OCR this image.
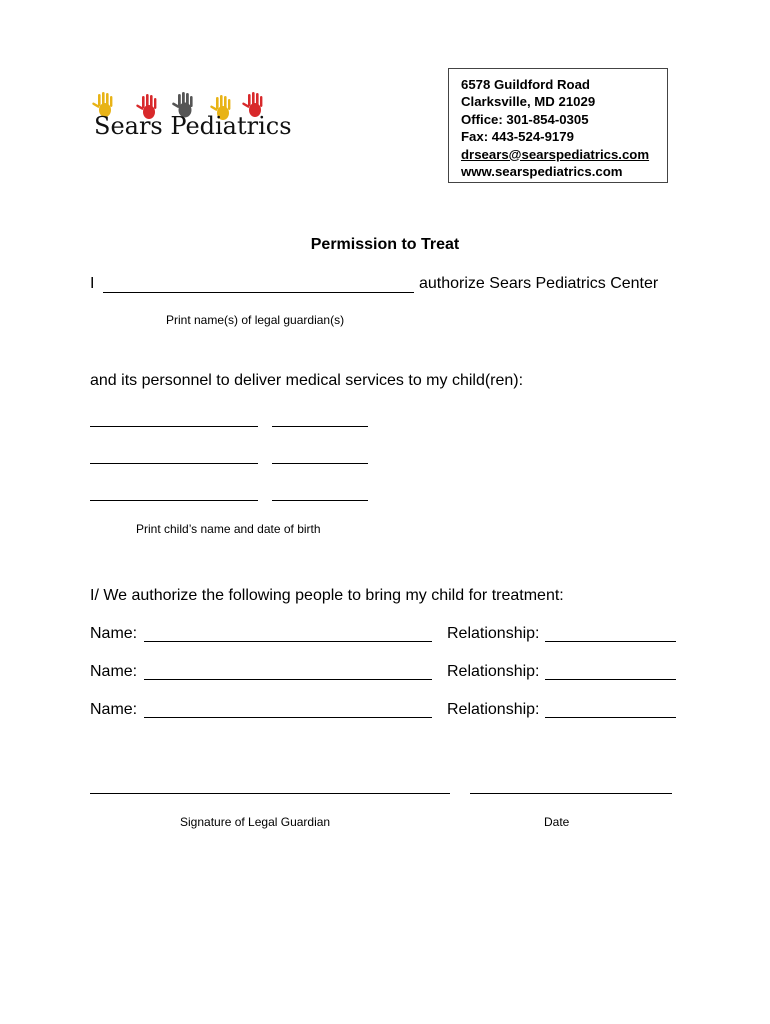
Sears Pediatrics
6578 Guildford Road
Clarksville, MD 21029
Office: 301-854-0305
Fax: 443-524-9179
drsears@searspediatrics.com
www.searspediatrics.com
Permission to Treat
I	authorize Sears Pediatrics Center
Print name(s) of legal guardian(s)
and its personnel to deliver medical services to my child(ren):
Print child’s name and date of birth
I/ We authorize the following people to bring my child for treatment:
Name:	Relationship:
Name:	Relationship:
Name:	Relationship:
Signature of Legal Guardian	Date
